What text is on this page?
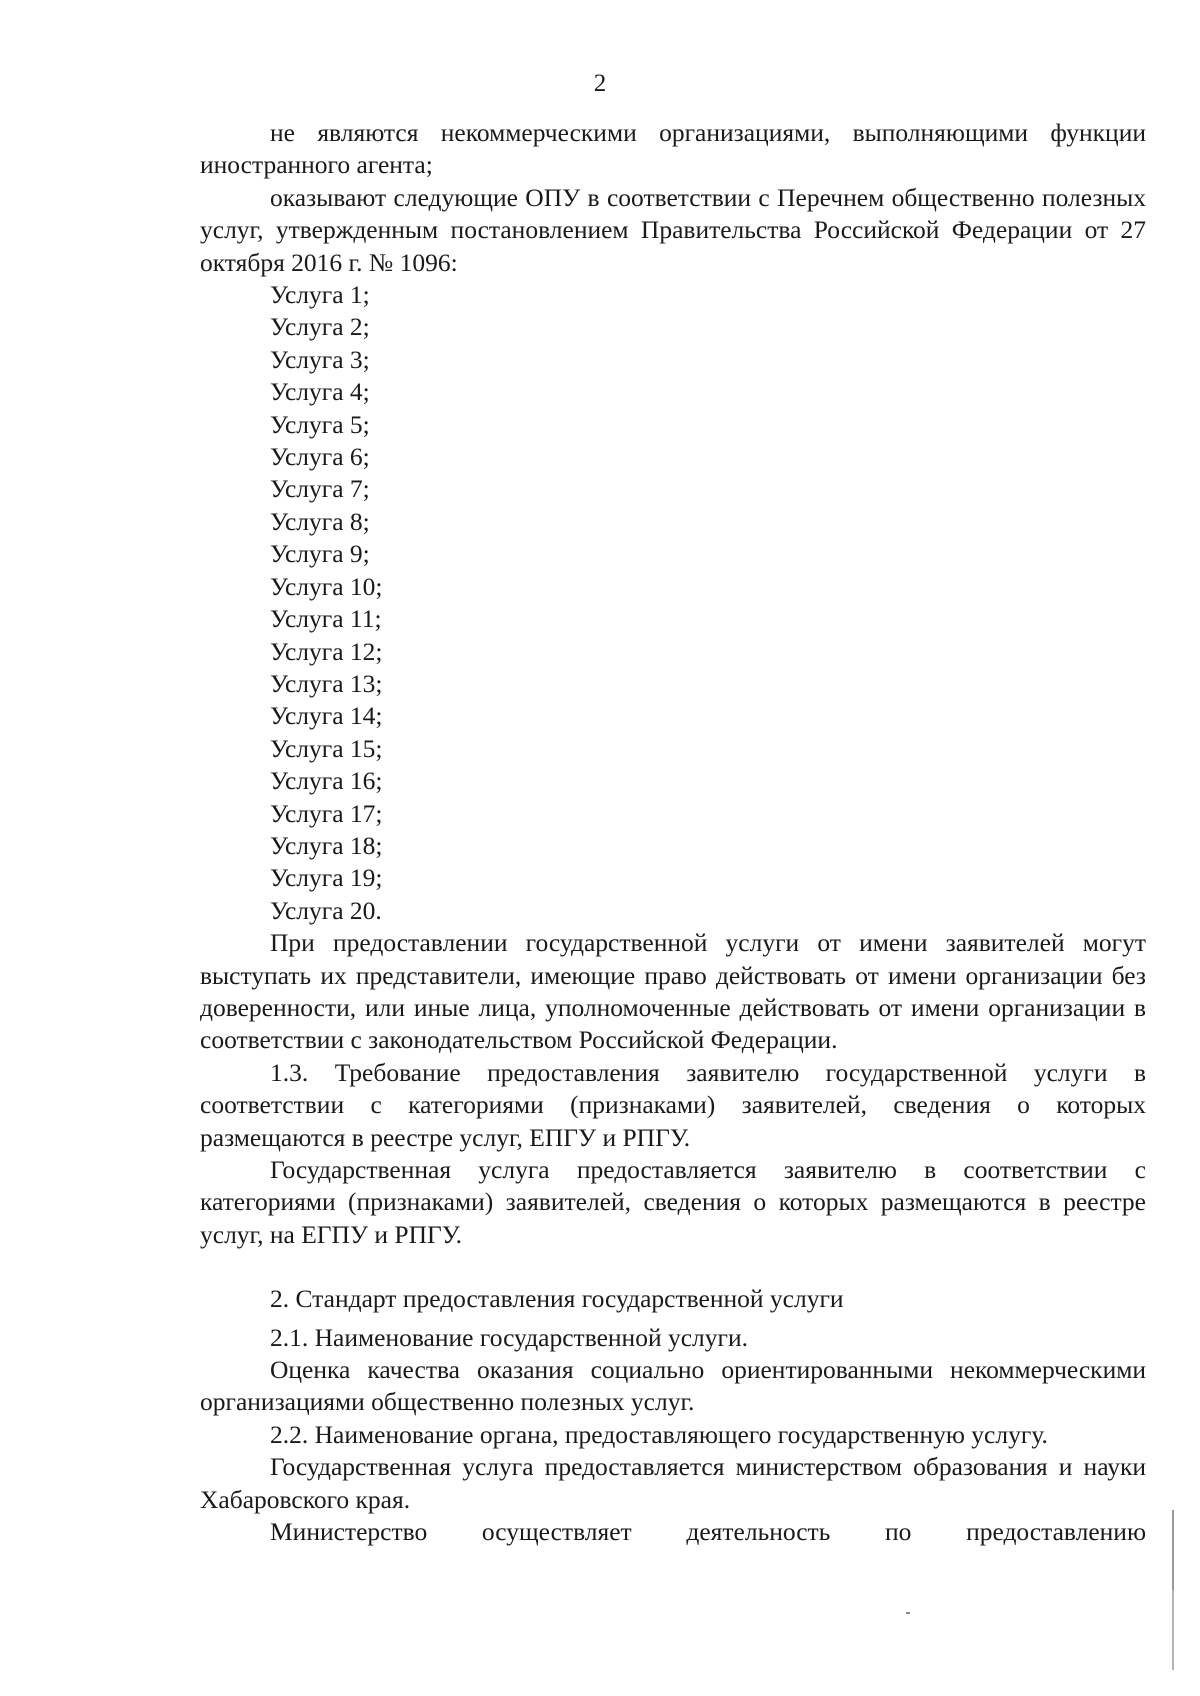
2

не являются некоммерческими организациями, выполняющими функции иностранного агента;

оказывают следующие ОПУ в соответствии с Перечнем общественно полезных услуг, утвержденным постановлением Правительства Российской Федерации от 27 октября 2016 г. № 1096:

Услуга 1;

Услуга 2;

Услуга 3;

Услуга 4;

Услуга 5;

Услуга 6;

Услуга 7;

Услуга 8;

Услуга 9;

Услуга 10;

Услуга 11;

Услуга 12;

Услуга 13;

Услуга 14;

Услуга 15;

Услуга 16;

Услуга 17;

Услуга 18;

Услуга 19;

Услуга 20.

При предоставлении государственной услуги от имени заявителей могут выступать их представители, имеющие право действовать от имени организации без доверенности, или иные лица, уполномоченные действовать от имени организации в соответствии с законодательством Российской Федерации.

1.3. Требование предоставления заявителю государственной услуги в соответствии с категориями (признаками) заявителей, сведения о которых размещаются в реестре услуг, ЕПГУ и РПГУ.

Государственная услуга предоставляется заявителю в соответствии с категориями (признаками) заявителей, сведения о которых размещаются в реестре услуг, на ЕГПУ и РПГУ.

2. Стандарт предоставления государственной услуги

2.1. Наименование государственной услуги.

Оценка качества оказания социально ориентированными некоммерческими организациями общественно полезных услуг.

2.2. Наименование органа, предоставляющего государственную услугу.

Государственная услуга предоставляется министерством образования и науки Хабаровского края.

Министерство осуществляет деятельность по предоставлению
